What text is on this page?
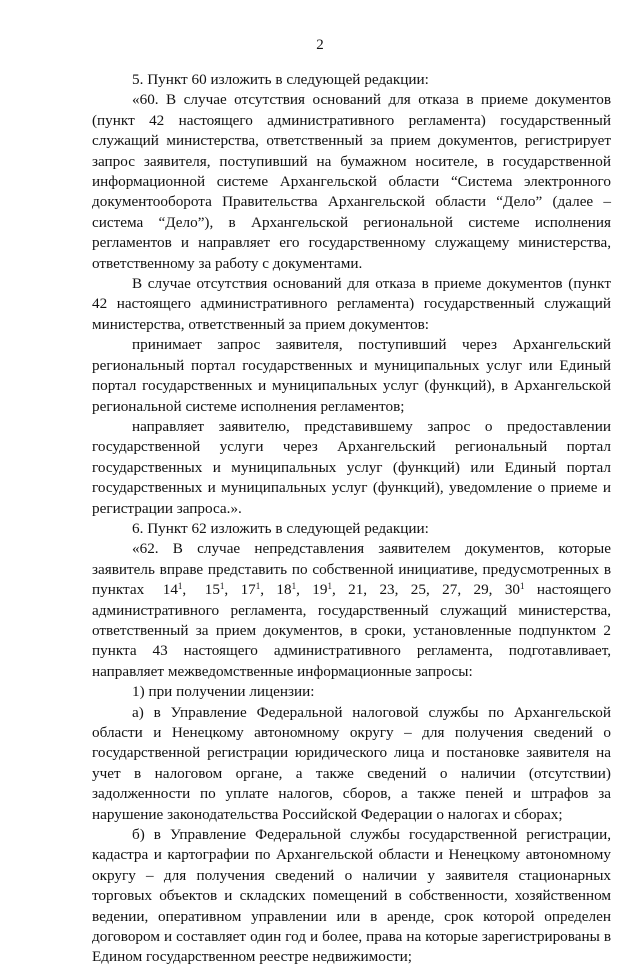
2

5. Пункт 60 изложить в следующей редакции:

«60. В случае отсутствия оснований для отказа в приеме документов (пункт 42 настоящего административного регламента) государственный служащий министерства, ответственный за прием документов, регистрирует запрос заявителя, поступивший на бумажном носителе, в государственной информационной системе Архангельской области “Система электронного документооборота Правительства Архангельской области “Дело” (далее – система “Дело”), в Архангельской региональной системе исполнения регламентов и направляет его государственному служащему министерства, ответственному за работу с документами.

В случае отсутствия оснований для отказа в приеме документов (пункт 42 настоящего административного регламента) государственный служащий министерства, ответственный за прием документов:

принимает запрос заявителя, поступивший через Архангельский региональный портал государственных и муниципальных услуг или Единый портал государственных и муниципальных услуг (функций), в Архангельской региональной системе исполнения регламентов;

направляет заявителю, представившему запрос о предоставлении государственной услуги через Архангельский региональный портал государственных и муниципальных услуг (функций) или Единый портал государственных и муниципальных услуг (функций), уведомление о приеме и регистрации запроса.».

6. Пункт 62 изложить в следующей редакции:

«62. В случае непредставления заявителем документов, которые заявитель вправе представить по собственной инициативе, предусмотренных в пунктах $14^1$,   $15^1$,  $17^1$,  $18^1$,  $19^1$,  21,  23,  25,  27,  29,  $30^1$ настоящего административного регламента, государственный служащий министерства, ответственный за прием документов, в сроки, установленные подпунктом 2 пункта 43 настоящего административного регламента, подготавливает, направляет межведомственные информационные запросы:

1) при получении лицензии:

а) в Управление Федеральной налоговой службы по Архангельской области и Ненецкому автономному округу – для получения сведений о государственной регистрации юридического лица и постановке заявителя на учет в налоговом органе, а также сведений о наличии (отсутствии) задолженности по уплате налогов, сборов, а также пеней и штрафов за нарушение законодательства Российской Федерации о налогах и сборах;

б) в Управление Федеральной службы государственной регистрации, кадастра и картографии по Архангельской области и Ненецкому автономному округу – для получения сведений о наличии у заявителя стационарных торговых объектов и складских помещений в собственности, хозяйственном ведении, оперативном управлении или в аренде, срок которой определен договором и составляет один год и более, права на которые зарегистрированы в Едином государственном реестре недвижимости;
